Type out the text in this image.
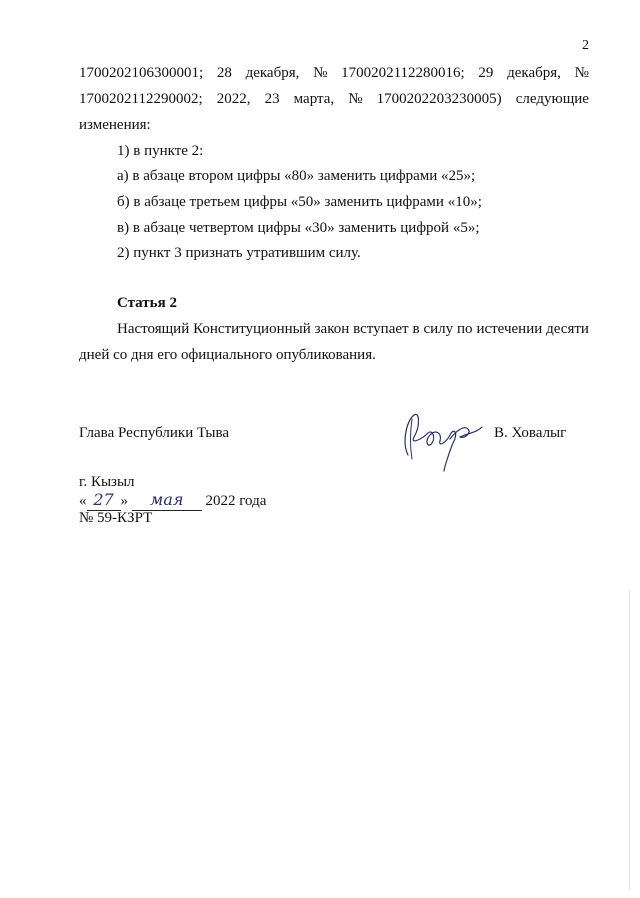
2
1700202106300001; 28 декабря, № 1700202112280016; 29 декабря, №
1700202112290002; 2022, 23 марта, № 1700202203230005) следующие
изменения:
1) в пункте 2:
а) в абзаце втором цифры «80» заменить цифрами «25»;
б) в абзаце третьем цифры «50» заменить цифрами «10»;
в) в абзаце четвертом цифры «30» заменить цифрой «5»;
2) пункт 3 признать утратившим силу.
Статья 2
Настоящий Конституционный закон вступает в силу по истечении десяти
дней со дня его официального опубликования.
Глава Республики Тыва	В. Ховалыг
г. Кызыл
« 27 » мая 2022 года
№ 59-КЗРТ
